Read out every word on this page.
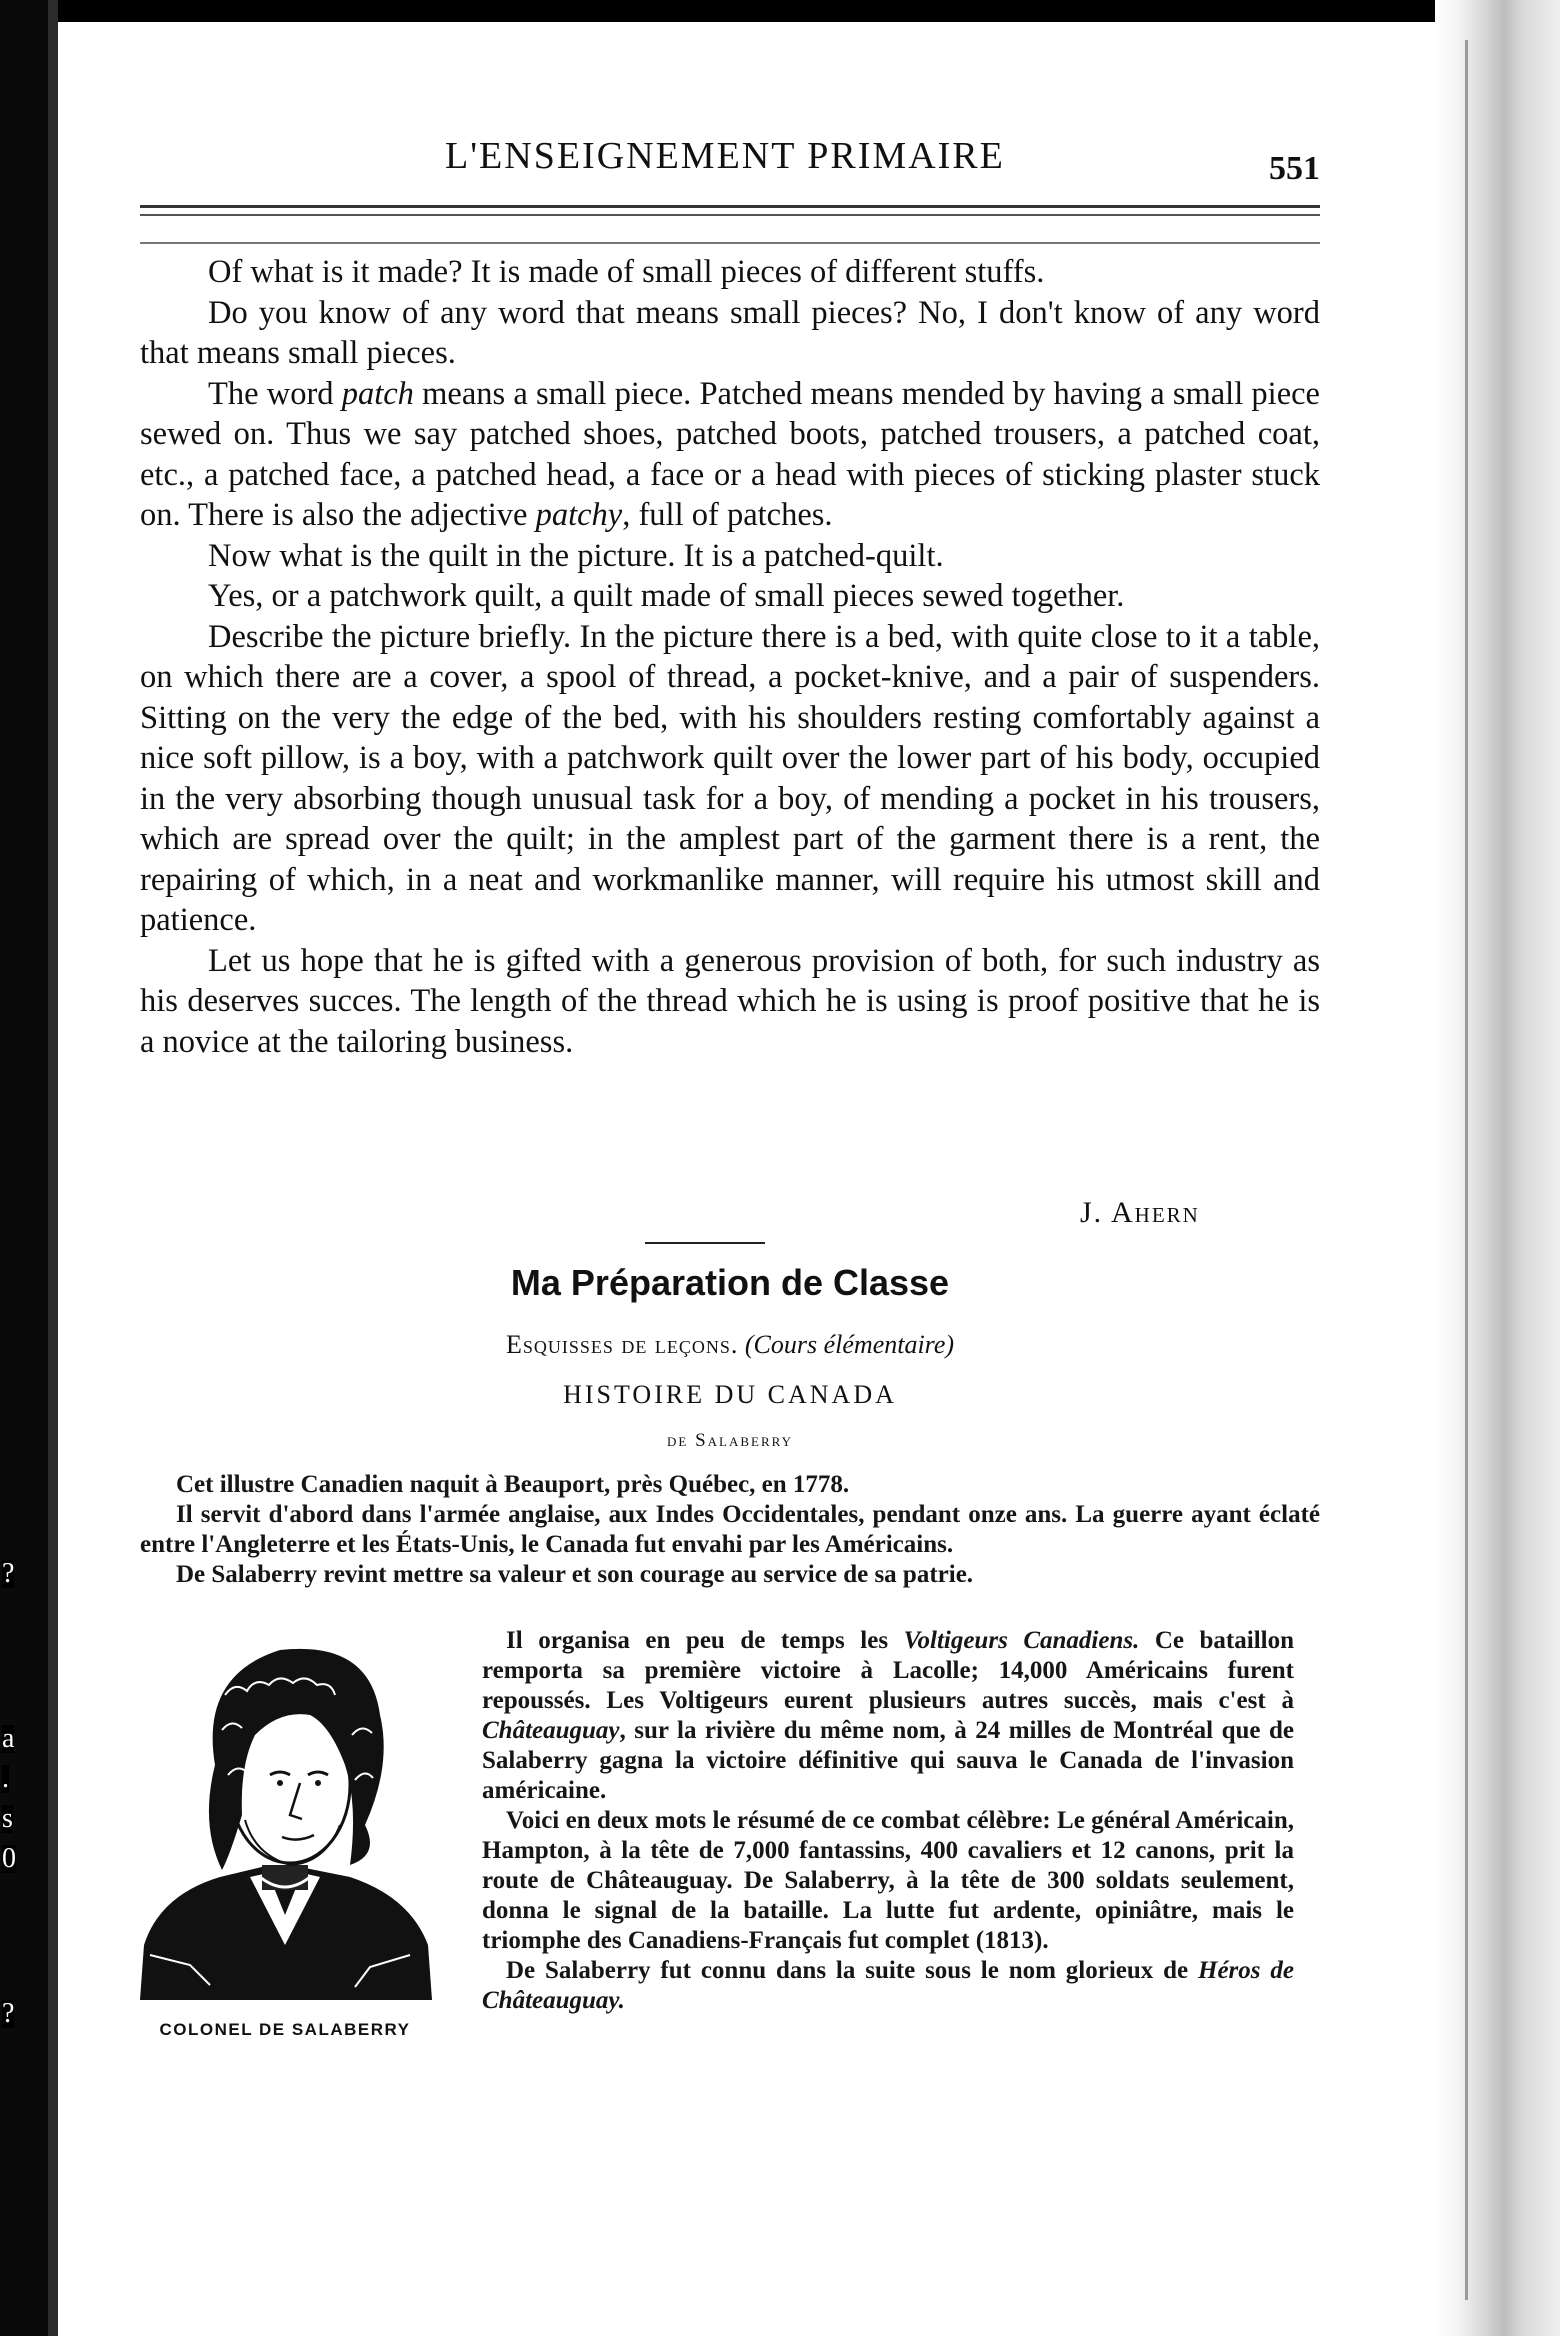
?
a
.
s
0
?
L'ENSEIGNEMENT PRIMAIRE	551

Of what is it made? It is made of small pieces of different stuffs.

Do you know of any word that means small pieces? No, I don't know of any word that means small pieces.

The word patch means a small piece. Patched means mended by having a small piece sewed on. Thus we say patched shoes, patched boots, patched trousers, a patched coat, etc., a patched face, a patched head, a face or a head with pieces of sticking plaster stuck on. There is also the adjective patchy, full of patches.

Now what is the quilt in the picture. It is a patched-quilt.

Yes, or a patchwork quilt, a quilt made of small pieces sewed together.

Describe the picture briefly. In the picture there is a bed, with quite close to it a table, on which there are a cover, a spool of thread, a pocket-knive, and a pair of suspenders. Sitting on the very the edge of the bed, with his shoulders resting comfortably against a nice soft pillow, is a boy, with a patchwork quilt over the lower part of his body, occupied in the very absorbing though unusual task for a boy, of mending a pocket in his trousers, which are spread over the quilt; in the amplest part of the garment there is a rent, the repairing of which, in a neat and workmanlike manner, will require his utmost skill and patience.

Let us hope that he is gifted with a generous provision of both, for such industry as his deserves succes. The length of the thread which he is using is proof positive that he is a novice at the tailoring business.

J. Ahern
Ma Préparation de Classe
Esquisses de leçons. (Cours élémentaire)
HISTOIRE DU CANADA
de Salaberry

Cet illustre Canadien naquit à Beauport, près Québec, en 1778.

Il servit d'abord dans l'armée anglaise, aux Indes Occidentales, pendant onze ans. La guerre ayant éclaté entre l'Angleterre et les États-Unis, le Canada fut envahi par les Américains.

De Salaberry revint mettre sa valeur et son courage au service de sa patrie.

COLONEL DE SALABERRY

Il organisa en peu de temps les Voltigeurs Canadiens. Ce bataillon remporta sa première victoire à Lacolle; 14,000 Américains furent repoussés. Les Voltigeurs eurent plusieurs autres succès, mais c'est à Châteauguay, sur la rivière du même nom, à 24 milles de Montréal que de Salaberry gagna la victoire définitive qui sauva le Canada de l'invasion américaine.

Voici en deux mots le résumé de ce combat célèbre: Le général Américain, Hampton, à la tête de 7,000 fantassins, 400 cavaliers et 12 canons, prit la route de Châteauguay. De Salaberry, à la tête de 300 soldats seulement, donna le signal de la bataille. La lutte fut ardente, opiniâtre, mais le triomphe des Canadiens-Français fut complet (1813).

De Salaberry fut connu dans la suite sous le nom glorieux de Héros de Châteauguay.
